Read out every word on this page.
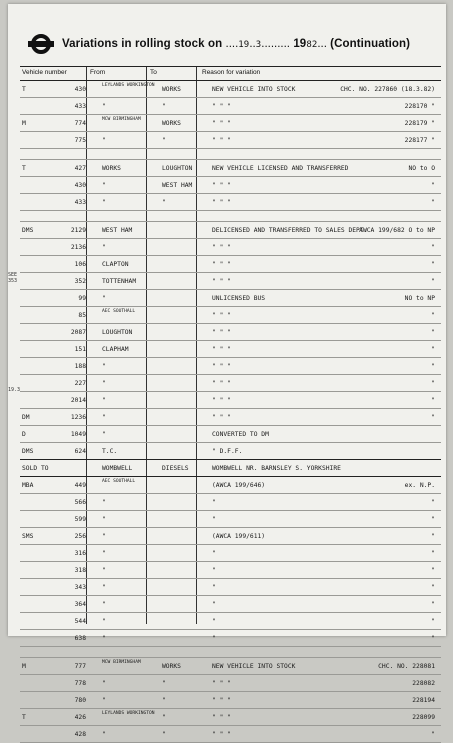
Variations in rolling stock on ....19..3......... 1982... (Continuation)
Vehicle number	From	To	Reason for variation
T	430
LEYLANDS WORKINGTON
WORKS	NEW VEHICLE INTO STOCK	CHC. NO. 227860 (18.3.82)
433	"	"	" " "	228170 "
M	774
MCW BIRMINGHAM
WORKS	" " "	228179 "
775	"	"	" " "	228177 "
T	427	WORKS	LOUGHTON	NEW VEHICLE LICENSED AND TRANSFERRED	NO to O
430	"	WEST HAM	" " "	"
433	"	"	" " "	"
DMS	2129	WEST HAM	DELICENSED AND TRANSFERRED TO SALES DEPT.
AWCA 199/682 O to NP
2136	"	" " "	"
106	CLAPTON	" " "	"
352	TOTTENHAM	" " "	"
99	"	UNLICENSED BUS	NO to NP
85
AEC SOUTHALL
" " "	"
2087	LOUGHTON	" " "	"
151	CLAPHAM	" " "	"
188	"	" " "	"
227	"	" " "	"
2014	"	" " "	"
DM	1236	"	" " "	"
D	1049	"	CONVERTED TO DM
DMS	624	T.C.	" D.F.F.
SOLD TO	WOMBWELL	DIESELS	WOMBWELL NR. BARNSLEY S. YORKSHIRE
MBA	449
AEC SOUTHALL
(AWCA 199/646)	ex. N.P.
566	"	"	"
599	"	"	"
SMS	256	"	(AWCA 199/611)	"
316	"	"	"
318	"	"	"
343	"	"	"
364	"	"	"
544	"	"	"
638	"	"	"
M	777
MCW BIRMINGHAM
WORKS	NEW VEHICLE INTO STOCK	CHC. NO. 228081
778	"	"	" " "	228082
780	"	"	" " "	228194
T	426
LEYLANDS WORKINGTON
"	" " "	228099
428	"	"	" " "	"
SEE 353
19.3
